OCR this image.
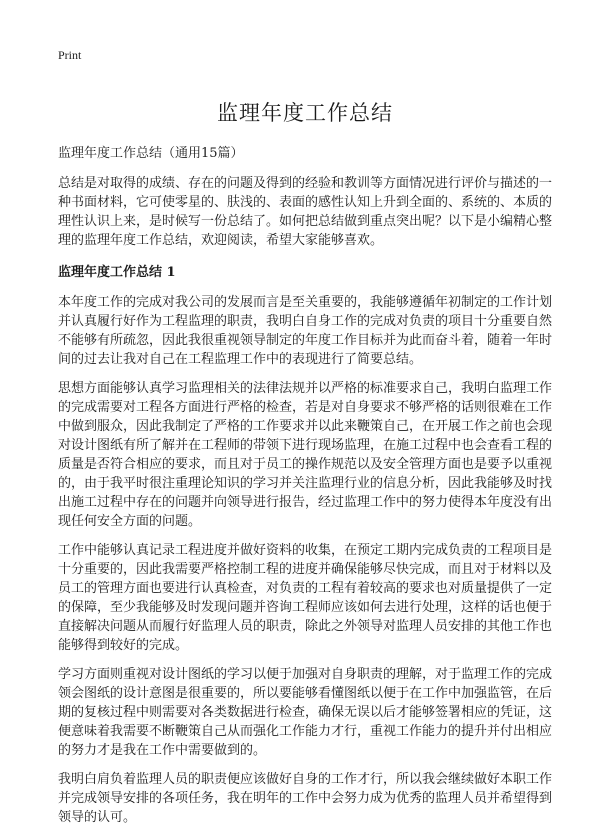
Print
监理年度工作总结

监理年度工作总结（通用15篇）

总结是对取得的成绩、存在的问题及得到的经验和教训等方面情况进行评价与描述的一种书面材料，它可使零星的、肤浅的、表面的感性认知上升到全面的、系统的、本质的理性认识上来，是时候写一份总结了。如何把总结做到重点突出呢？以下是小编精心整理的监理年度工作总结，欢迎阅读，希望大家能够喜欢。

监理年度工作总结 1

本年度工作的完成对我公司的发展而言是至关重要的，我能够遵循年初制定的工作计划并认真履行好作为工程监理的职责，我明白自身工作的完成对负责的项目十分重要自然不能够有所疏忽，因此我很重视领导制定的年度工作目标并为此而奋斗着，随着一年时间的过去让我对自己在工程监理工作中的表现进行了简要总结。

思想方面能够认真学习监理相关的法律法规并以严格的标准要求自己，我明白监理工作的完成需要对工程各方面进行严格的检查，若是对自身要求不够严格的话则很难在工作中做到服众，因此我制定了严格的工作要求并以此来鞭策自己，在开展工作之前也会现对设计图纸有所了解并在工程师的带领下进行现场监理，在施工过程中也会查看工程的质量是否符合相应的要求，而且对于员工的操作规范以及安全管理方面也是要予以重视的，由于我平时很注重理论知识的学习并关注监理行业的信息分析，因此我能够及时找出施工过程中存在的问题并向领导进行报告，经过监理工作中的努力使得本年度没有出现任何安全方面的问题。

工作中能够认真记录工程进度并做好资料的收集，在预定工期内完成负责的工程项目是十分重要的，因此我需要严格控制工程的进度并确保能够尽快完成，而且对于材料以及员工的管理方面也要进行认真检查，对负责的工程有着较高的要求也对质量提供了一定的保障，至少我能够及时发现问题并咨询工程师应该如何去进行处理，这样的话也便于直接解决问题从而履行好监理人员的职责，除此之外领导对监理人员安排的其他工作也能够得到较好的完成。

学习方面则重视对设计图纸的学习以便于加强对自身职责的理解，对于监理工作的完成领会图纸的设计意图是很重要的，所以要能够看懂图纸以便于在工作中加强监管，在后期的复核过程中则需要对各类数据进行检查，确保无误以后才能够签署相应的凭证，这便意味着我需要不断鞭策自己从而强化工作能力才行，重视工作能力的提升并付出相应的努力才是我在工作中需要做到的。

我明白肩负着监理人员的职责便应该做好自身的工作才行，所以我会继续做好本职工作并完成领导安排的各项任务，我在明年的工作中会努力成为优秀的监理人员并希望得到领导的认可。
